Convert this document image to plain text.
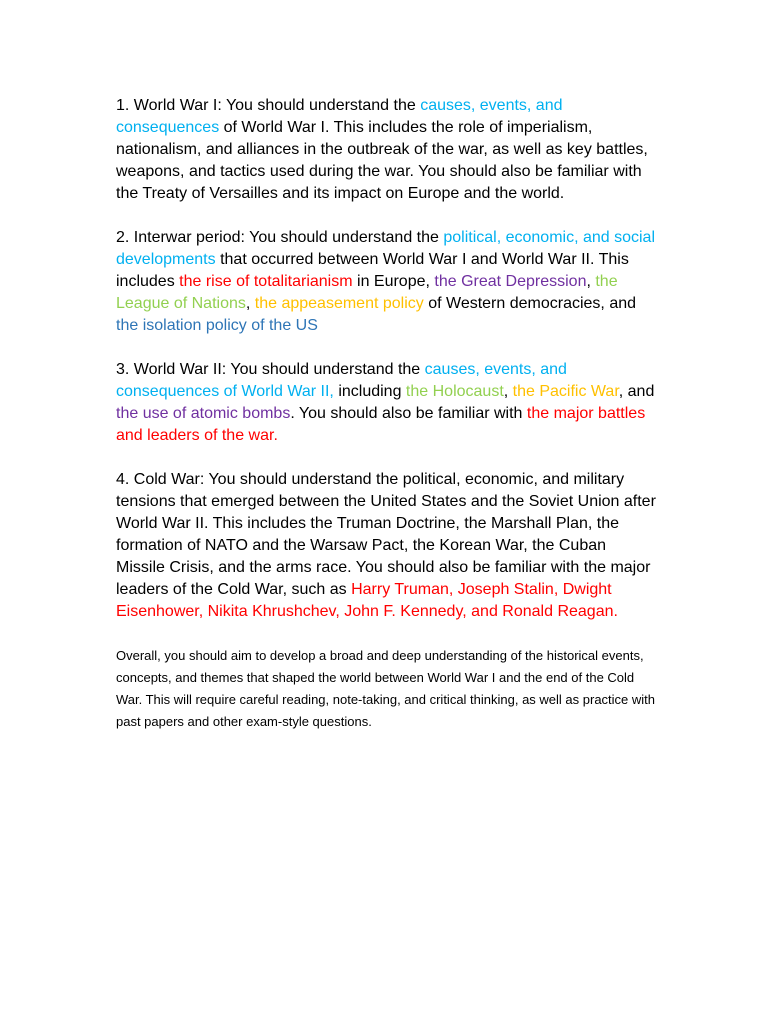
1. World War I: You should understand the causes, events, and consequences of World War I. This includes the role of imperialism, nationalism, and alliances in the outbreak of the war, as well as key battles, weapons, and tactics used during the war. You should also be familiar with the Treaty of Versailles and its impact on Europe and the world.

2. Interwar period: You should understand the political, economic, and social developments that occurred between World War I and World War II. This includes the rise of totalitarianism in Europe, the Great Depression, the League of Nations, the appeasement policy of Western democracies, and the isolation policy of the US

3. World War II: You should understand the causes, events, and consequences of World War II, including the Holocaust, the Pacific War, and the use of atomic bombs. You should also be familiar with the major battles and leaders of the war.

4. Cold War: You should understand the political, economic, and military tensions that emerged between the United States and the Soviet Union after World War II. This includes the Truman Doctrine, the Marshall Plan, the formation of NATO and the Warsaw Pact, the Korean War, the Cuban Missile Crisis, and the arms race. You should also be familiar with the major leaders of the Cold War, such as Harry Truman, Joseph Stalin, Dwight Eisenhower, Nikita Khrushchev, John F. Kennedy, and Ronald Reagan.

Overall, you should aim to develop a broad and deep understanding of the historical events, concepts, and themes that shaped the world between World War I and the end of the Cold War. This will require careful reading, note-taking, and critical thinking, as well as practice with past papers and other exam-style questions.
